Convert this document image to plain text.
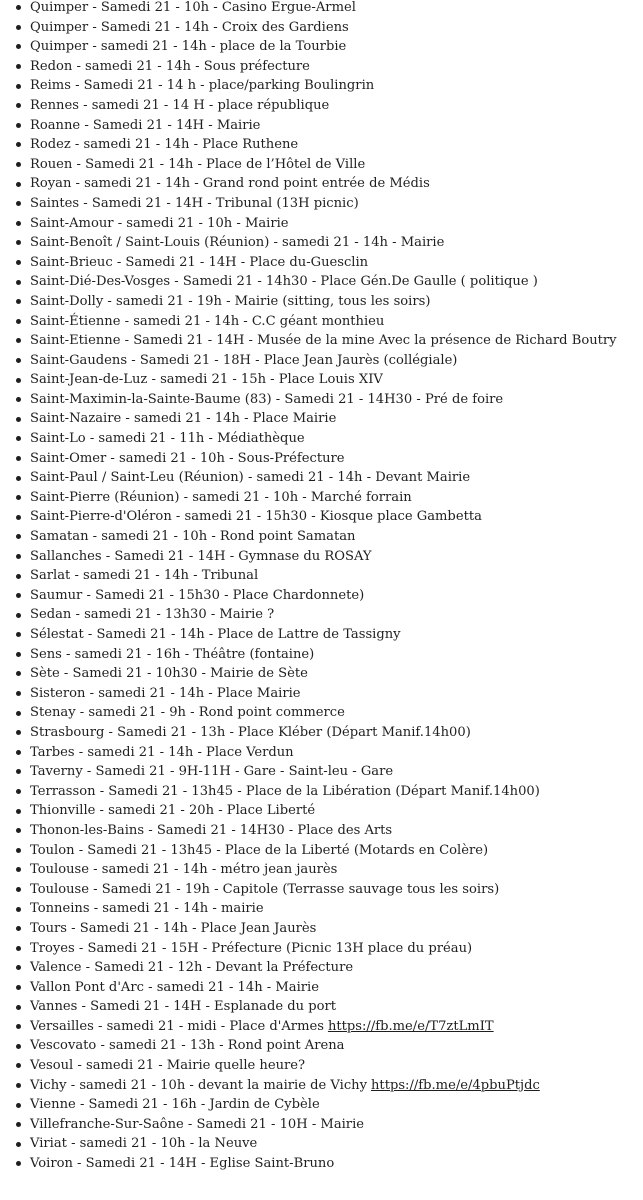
Quimper - Samedi 21 - 10h - Casino Ergue-Armel
Quimper - Samedi 21 - 14h - Croix des Gardiens
Quimper - samedi 21 - 14h - place de la Tourbie
Redon - samedi 21 - 14h - Sous préfecture
Reims - Samedi 21 - 14 h - place/parking Boulingrin
Rennes - samedi 21 - 14 H - place république
Roanne - Samedi 21 - 14H - Mairie
Rodez - samedi 21 - 14h - Place Ruthene
Rouen - Samedi 21 - 14h - Place de l’Hôtel de Ville
Royan - samedi 21 - 14h - Grand rond point entrée de Médis
Saintes - Samedi 21 - 14H - Tribunal (13H picnic)
Saint-Amour - samedi 21 - 10h - Mairie
Saint-Benoît / Saint-Louis (Réunion) - samedi 21 - 14h - Mairie
Saint-Brieuc - Samedi 21 - 14H - Place du-Guesclin
Saint-Dié-Des-Vosges - Samedi 21 - 14h30 - Place Gén.De Gaulle ( politique )
Saint-Dolly - samedi 21 - 19h - Mairie (sitting, tous les soirs)
Saint-Étienne - samedi 21 - 14h - C.C géant monthieu
Saint-Etienne - Samedi 21 - 14H - Musée de la mine Avec la présence de Richard Boutry
Saint-Gaudens - Samedi 21 - 18H - Place Jean Jaurès (collégiale)
Saint-Jean-de-Luz - samedi 21 - 15h - Place Louis XIV
Saint-Maximin-la-Sainte-Baume (83) - Samedi 21 - 14H30 - Pré de foire
Saint-Nazaire - samedi 21 - 14h - Place Mairie
Saint-Lo - samedi 21 - 11h - Médiathèque
Saint-Omer - samedi 21 - 10h - Sous-Préfecture
Saint-Paul / Saint-Leu (Réunion) - samedi 21 - 14h - Devant Mairie
Saint-Pierre (Réunion) - samedi 21 - 10h - Marché forrain
Saint-Pierre-d'Oléron - samedi 21 - 15h30 - Kiosque place Gambetta
Samatan - samedi 21 - 10h - Rond point Samatan
Sallanches - Samedi 21 - 14H - Gymnase du ROSAY
Sarlat - samedi 21 - 14h - Tribunal
Saumur - Samedi 21 - 15h30 - Place Chardonnete)
Sedan - samedi 21 - 13h30 - Mairie ?
Sélestat - Samedi 21 - 14h - Place de Lattre de Tassigny
Sens - samedi 21 - 16h - Théâtre (fontaine)
Sète - Samedi 21 - 10h30 - Mairie de Sète
Sisteron - samedi 21 - 14h - Place Mairie
Stenay - samedi 21 - 9h - Rond point commerce
Strasbourg - Samedi 21 - 13h - Place Kléber (Départ Manif.14h00)
Tarbes - samedi 21 - 14h - Place Verdun
Taverny - Samedi 21 - 9H-11H - Gare - Saint-leu - Gare
Terrasson - Samedi 21 - 13h45 - Place de la Libération (Départ Manif.14h00)
Thionville - samedi 21 - 20h - Place Liberté
Thonon-les-Bains - Samedi 21 - 14H30 - Place des Arts
Toulon - Samedi 21 - 13h45 - Place de la Liberté (Motards en Colère)
Toulouse - samedi 21 - 14h - métro jean jaurès
Toulouse - Samedi 21 - 19h - Capitole (Terrasse sauvage tous les soirs)
Tonneins - samedi 21 - 14h - mairie
Tours - Samedi 21 - 14h - Place Jean Jaurès
Troyes - Samedi 21 - 15H - Préfecture (Picnic 13H place du préau)
Valence - Samedi 21 - 12h - Devant la Préfecture
Vallon Pont d'Arc - samedi 21 - 14h - Mairie
Vannes - Samedi 21 - 14H - Esplanade du port
Versailles - samedi 21 - midi - Place d'Armes https://fb.me/e/T7ztLmIT
Vescovato - samedi 21 - 13h - Rond point Arena
Vesoul - samedi 21 - Mairie quelle heure?
Vichy - samedi 21 - 10h - devant la mairie de Vichy https://fb.me/e/4pbuPtjdc
Vienne - Samedi 21 - 16h - Jardin de Cybèle
Villefranche-Sur-Saône - Samedi 21 - 10H - Mairie
Viriat - samedi 21 - 10h - la Neuve
Voiron - Samedi 21 - 14H - Eglise Saint-Bruno
